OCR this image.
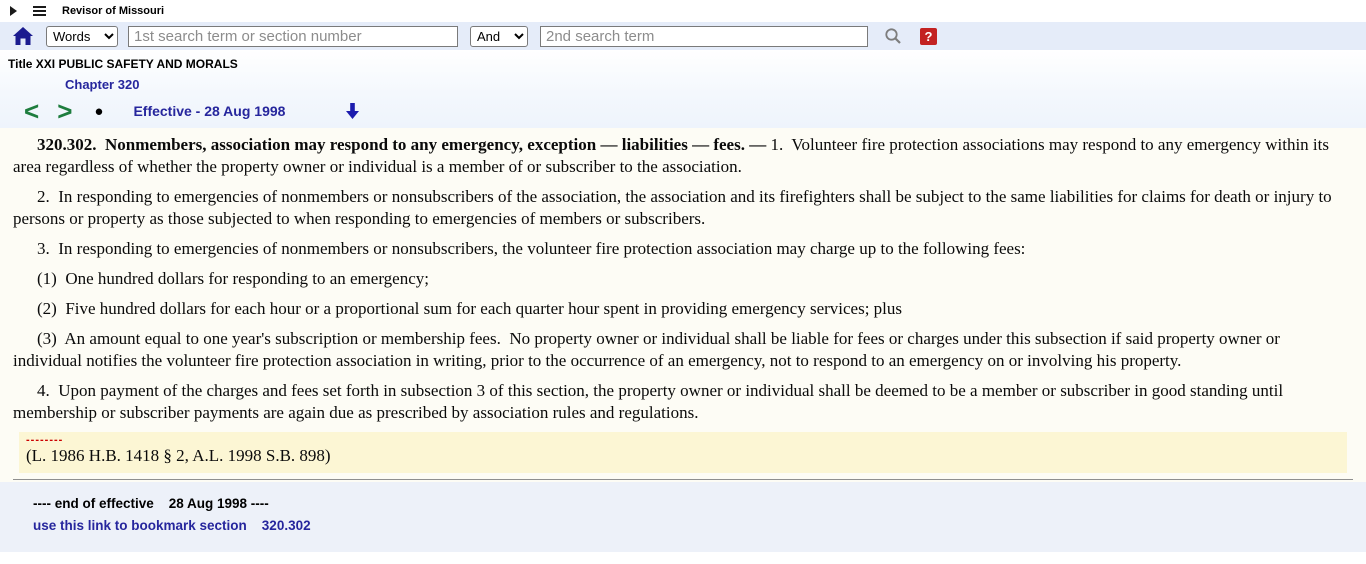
Revisor of Missouri
Words
1st search term or section number
And
2nd search term
?
Title XXI PUBLIC SAFETY AND MORALS
Chapter 320
< > ● Effective - 28 Aug 1998

320.302.  Nonmembers, association may respond to any emergency, exception — liabilities — fees. — 1.  Volunteer fire protection associations may respond to any emergency within its area regardless of whether the property owner or individual is a member of or subscriber to the association.

2.  In responding to emergencies of nonmembers or nonsubscribers of the association, the association and its firefighters shall be subject to the same liabilities for claims for death or injury to persons or property as those subjected to when responding to emergencies of members or subscribers.

3.  In responding to emergencies of nonmembers or nonsubscribers, the volunteer fire protection association may charge up to the following fees:

(1)  One hundred dollars for responding to an emergency;

(2)  Five hundred dollars for each hour or a proportional sum for each quarter hour spent in providing emergency services; plus

(3)  An amount equal to one year's subscription or membership fees.  No property owner or individual shall be liable for fees or charges under this subsection if said property owner or individual notifies the volunteer fire protection association in writing, prior to the occurrence of an emergency, not to respond to an emergency on or involving his property.

4.  Upon payment of the charges and fees set forth in subsection 3 of this section, the property owner or individual shall be deemed to be a member or subscriber in good standing until membership or subscriber payments are again due as prescribed by association rules and regulations.

--------
(L. 1986 H.B. 1418 § 2, A.L. 1998 S.B. 898)
---- end of effective    28 Aug 1998 ----
use this link to bookmark section    320.302
